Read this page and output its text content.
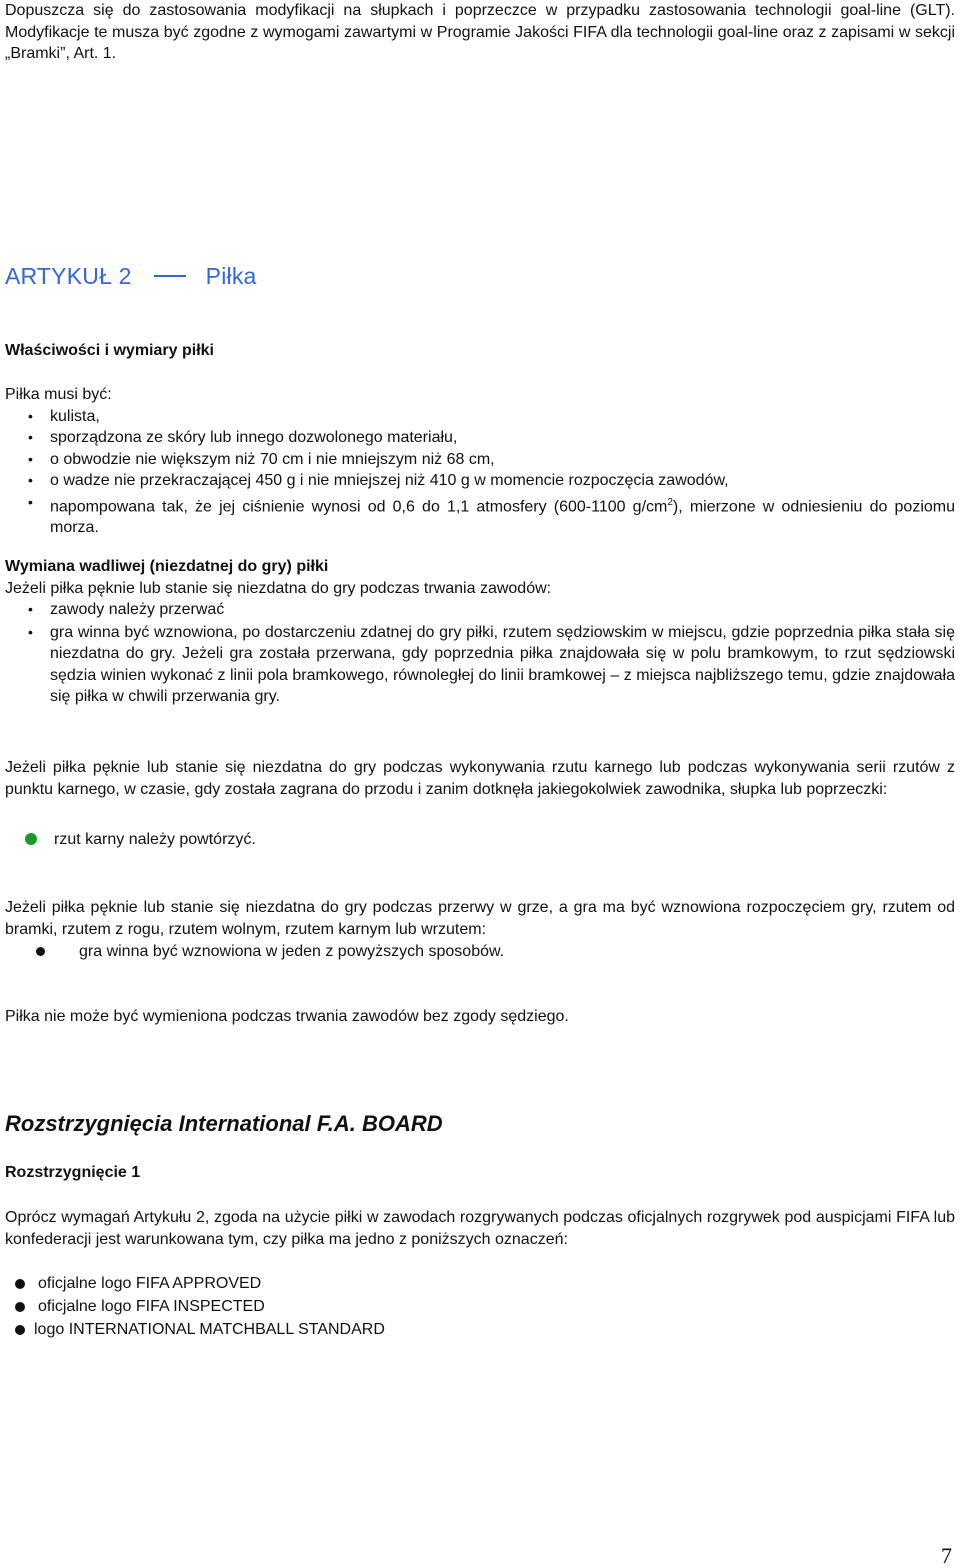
Dopuszcza się do zastosowania modyfikacji na słupkach i poprzeczce w przypadku zastosowania technologii goal-line (GLT). Modyfikacje te musza być zgodne z wymogami zawartymi w Programie Jakości FIFA dla technologii goal-line oraz z zapisami w sekcji „Bramki”, Art. 1.

ARTYKUŁ 2	Piłka

Właściwości i wymiary piłki

Piłka musi być:

• kulista,
• sporządzona ze skóry lub innego dozwolonego materiału,
• o obwodzie nie większym niż 70 cm i nie mniejszym niż 68 cm,
• o wadze nie przekraczającej 450 g i nie mniejszej niż 410 g w momencie rozpoczęcia zawodów,
• napompowana tak, że jej ciśnienie wynosi od 0,6 do 1,1 atmosfery (600-1100 $g/cm^2$), mierzone w odniesieniu do poziomu morza.

Wymiana wadliwej (niezdatnej do gry) piłki

Jeżeli piłka pęknie lub stanie się niezdatna do gry podczas trwania zawodów:

• zawody należy przerwać
• gra winna być wznowiona, po dostarczeniu zdatnej do gry piłki, rzutem sędziowskim w miejscu, gdzie poprzednia piłka stała się niezdatna do gry. Jeżeli gra została przerwana, gdy poprzednia piłka znajdowała się w polu bramkowym, to rzut sędziowski sędzia winien wykonać z linii pola bramkowego, równoległej do linii bramkowej – z miejsca najbliższego temu, gdzie znajdowała się piłka w chwili przerwania gry.

Jeżeli piłka pęknie lub stanie się niezdatna do gry podczas wykonywania rzutu karnego lub podczas wykonywania serii rzutów z punktu karnego, w czasie, gdy została zagrana do przodu i zanim dotknęła jakiegokolwiek zawodnika, słupka lub poprzeczki:

rzut karny należy powtórzyć.

Jeżeli piłka pęknie lub stanie się niezdatna do gry podczas przerwy w grze, a gra ma być wznowiona rozpoczęciem gry, rzutem od bramki, rzutem z rogu, rzutem wolnym, rzutem karnym lub wrzutem:

gra winna być wznowiona w jeden z powyższych sposobów.

Piłka nie może być wymieniona podczas trwania zawodów bez zgody sędziego.

Rozstrzygnięcia International F.A. BOARD

Rozstrzygnięcie 1

Oprócz wymagań Artykułu 2, zgoda na użycie piłki w zawodach rozgrywanych podczas oficjalnych rozgrywek pod auspicjami FIFA lub konfederacji jest warunkowana tym, czy piłka ma jedno z poniższych oznaczeń:

oficjalne logo FIFA APPROVED
oficjalne logo FIFA INSPECTED
logo INTERNATIONAL MATCHBALL STANDARD
7
